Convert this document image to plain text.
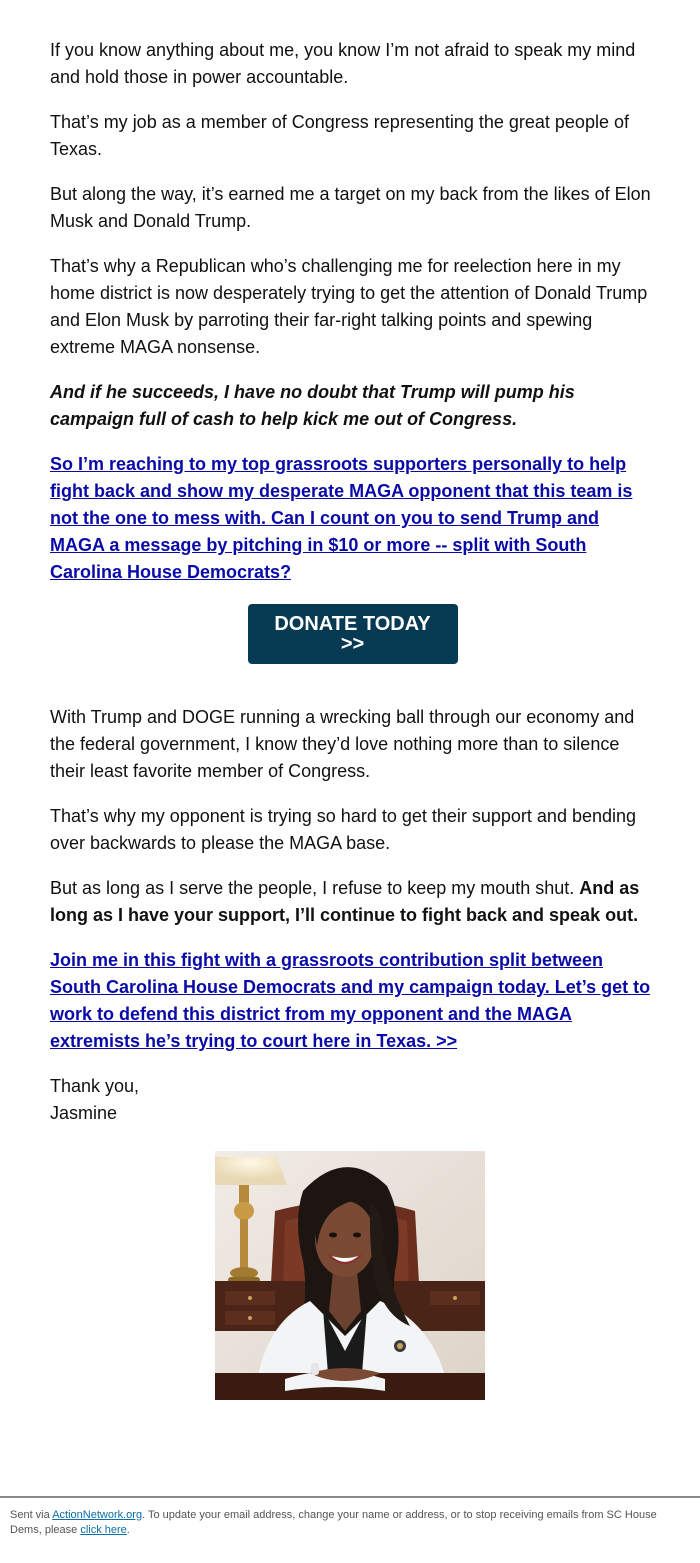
If you know anything about me, you know I’m not afraid to speak my mind and hold those in power accountable.

That’s my job as a member of Congress representing the great people of Texas.

But along the way, it’s earned me a target on my back from the likes of Elon Musk and Donald Trump.

That’s why a Republican who’s challenging me for reelection here in my home district is now desperately trying to get the attention of Donald Trump and Elon Musk by parroting their far-right talking points and spewing extreme MAGA nonsense.

And if he succeeds, I have no doubt that Trump will pump his campaign full of cash to help kick me out of Congress.

So I’m reaching to my top grassroots supporters personally to help fight back and show my desperate MAGA opponent that this team is not the one to mess with. Can I count on you to send Trump and MAGA a message by pitching in $10 or more -- split with South Carolina House Democrats?

DONATE TODAY
>>

With Trump and DOGE running a wrecking ball through our economy and the federal government, I know they’d love nothing more than to silence their least favorite member of Congress.

That’s why my opponent is trying so hard to get their support and bending over backwards to please the MAGA base.

But as long as I serve the people, I refuse to keep my mouth shut. And as long as I have your support, I’ll continue to fight back and speak out.

Join me in this fight with a grassroots contribution split between South Carolina House Democrats and my campaign today. Let’s get to work to defend this district from my opponent and the MAGA extremists he’s trying to court here in Texas. >>

Thank you,
Jasmine

Sent via ActionNetwork.org. To update your email address, change your name or address, or to stop receiving emails from SC House Dems, please click here.
